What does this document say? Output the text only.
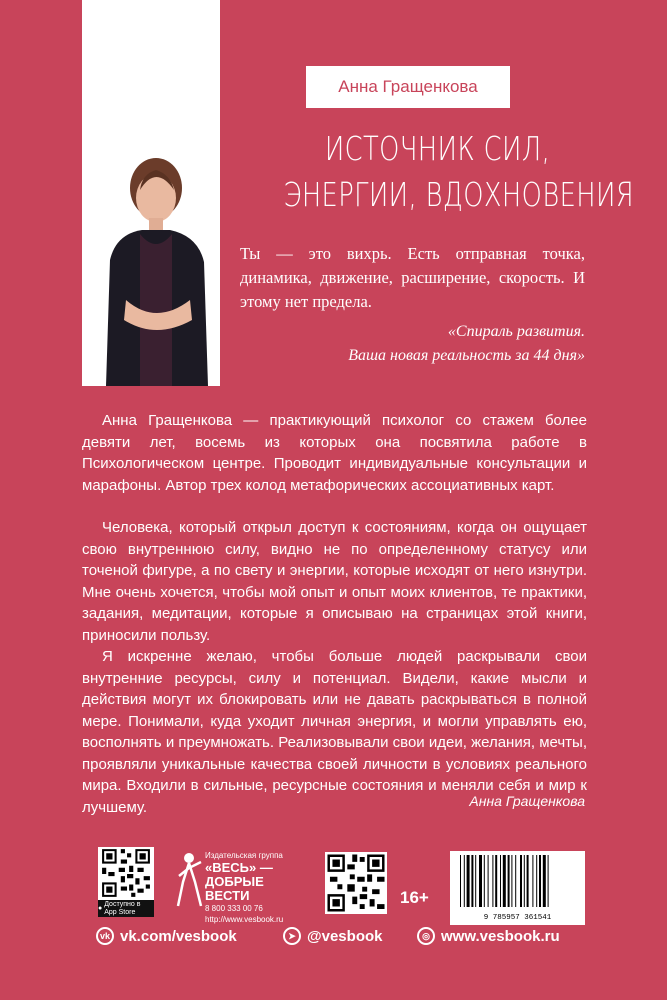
Анна Гращенкова
ИСТОЧНИК СИЛ,
ЭНЕРГИИ, ВДОХНОВЕНИЯ
Ты — это вихрь. Есть отправная точка, динамика, движение, расширение, скорость. И этому нет предела.
«Спираль развития.
Ваша новая реальность за 44 дня»

Анна Гращенкова — практикующий психолог со стажем более девяти лет, восемь из которых она посвятила работе в Психологическом центре. Проводит индивидуальные консультации и марафоны. Автор трех колод метафорических ассоциативных карт.

Человека, который открыл доступ к состояниям, когда он ощущает свою внутреннюю силу, видно не по определенному статусу или точеной фигуре, а по свету и энергии, которые исходят от него изнутри. Мне очень хочется, чтобы мой опыт и опыт моих клиентов, те практики, задания, медитации, которые я описываю на страницах этой книги, приносили пользу.

Я искренне желаю, чтобы больше людей раскрывали свои внутренние ресурсы, силу и потенциал. Видели, какие мысли и действия могут их блокировать или не давать раскрываться в полной мере. Понимали, куда уходит личная энергия, и могли управлять ею, восполнять и преумножать. Реализовывали свои идеи, желания, мечты, проявляли уникальные качества своей личности в условиях реального мира. Входили в сильные, ресурсные состояния и меняли себя и мир к лучшему.	Анна Гращенкова
●
Доступно в App Store
Издательская группа
«ВЕСЬ» —
ДОБРЫЕ ВЕСТИ
8 800 333 00 76
http://www.vesbook.ru
16+
9 785957 361541
vk vk.com/vesbook	➤ @vesbook	◎ www.vesbook.ru
